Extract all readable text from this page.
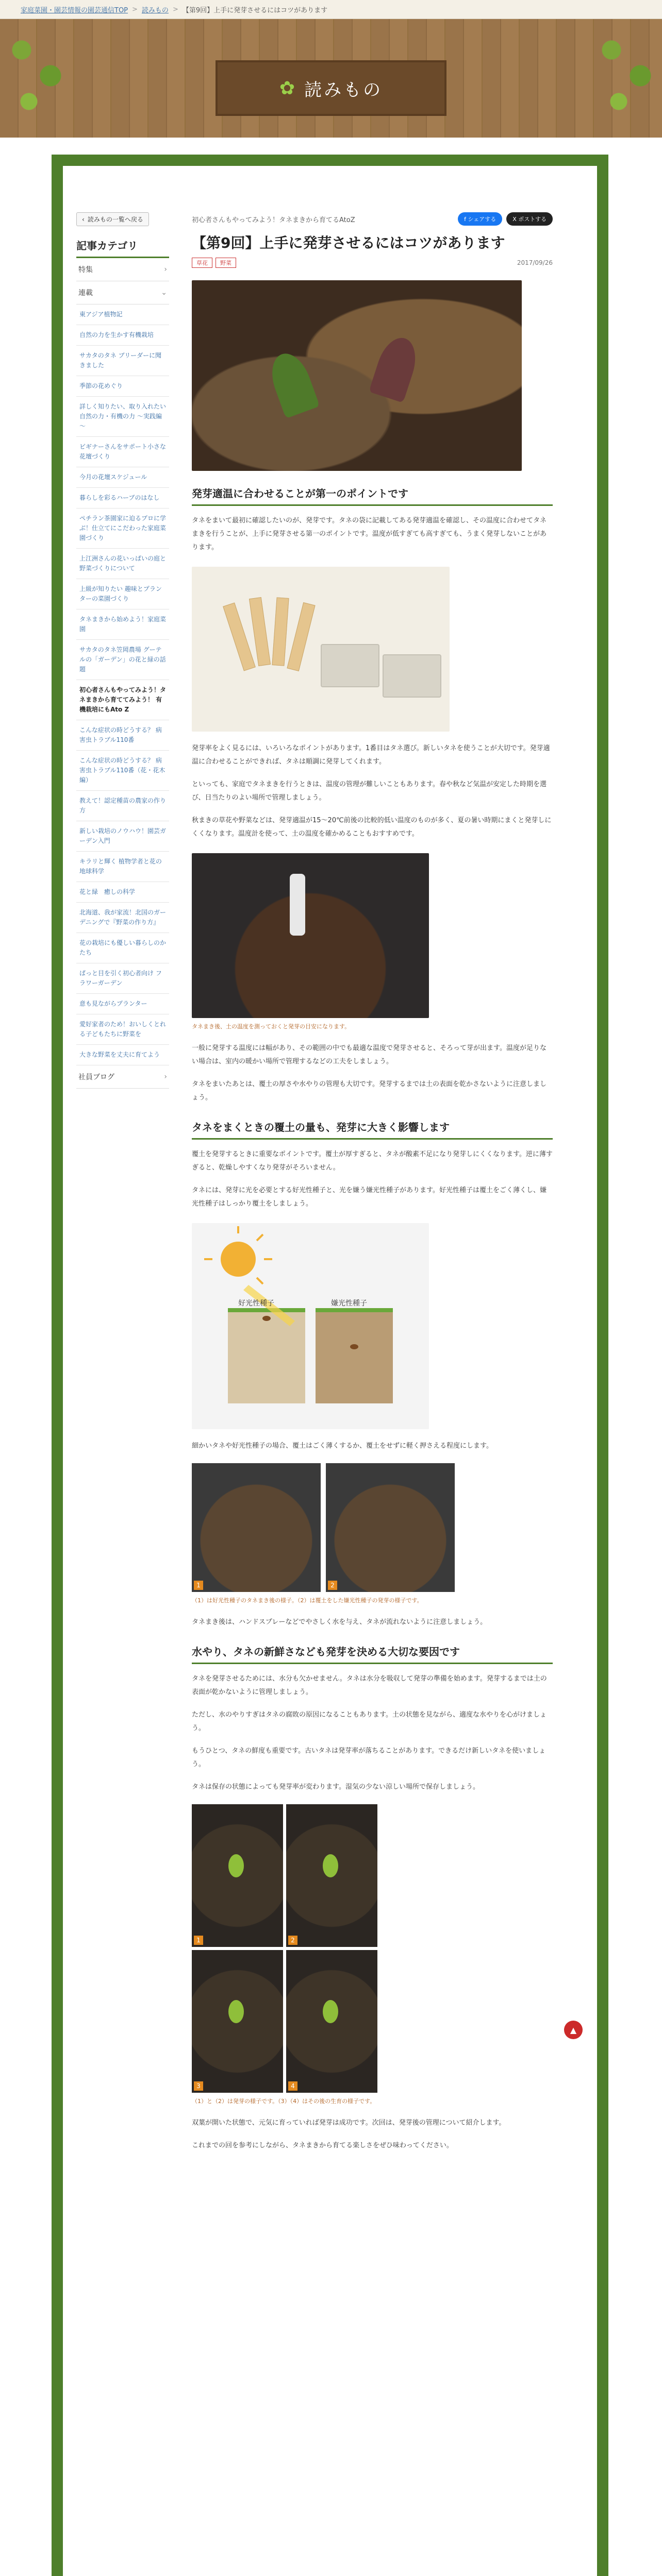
家庭菜園・園芸情報の園芸通信TOP > 読みもの > 【第9回】上手に発芽させるにはコツがあります
✿ 読みもの
‹ 読みもの一覧へ戻る
記事カテゴリ
特集	›
連載	⌄
東アジア植物記
自然の力を生かす有機栽培
サカタのタネ ブリーダーに聞きました
季節の花めぐり
詳しく知りたい、取り入れたい　自然の力・有機の力 ～実践編～
ビギナーさんをサポート小さな花壇づくり
今月の花壇スケジュール
暮らしを彩るハーブのはなし
ペチラン茶園家に迫るプロに学ぶ！仕立てにこだわった家庭菜園づくり
上江洲さんの花いっぱいの庭と野菜づくりについて
上級が知りたい 趣味とプランターの菜園づくり
タネまきから始めよう！家庭菜園
サカタのタネ笠岡農場 グーテルの「ガーデン」の花と緑の話題
初心者さんもやってみよう！タネまきから育ててみよう！ 有機栽培にもAto Z
こんな症状の時どうする？ 病害虫トラブル110番
こんな症状の時どうする？ 病害虫トラブル110番（花・花木編）
教えて！認定種苗の農家の作り方
新しい栽培のノウハウ！園芸ガーデン入門
キラリと輝く 植物学者と花の地球科学
花と緑　癒しの科学
北海道、我が家流！北国のガーデニングで『野菜の作り方』
花の栽培にも優しい暮らしのかたち
ぱっと目を引く初心者向け フラワーガーデン
意も見ながらプランター
愛好家者のため！おいしくとれる子どもたちに野菜を
大きな野菜を丈夫に育てよう
社員ブログ	›
初心者さんもやってみよう！タネまきから育てるAtoZ	f シェアする	X ポストする
【第9回】上手に発芽させるにはコツがあります
草花	野菜	2017/09/26
発芽適温に合わせることが第一のポイントです

タネをまいて最初に確認したいのが、発芽です。タネの袋に記載してある発芽適温を確認し、その温度に合わせてタネまきを行うことが、上手に発芽させる第一のポイントです。温度が低すぎても高すぎても、うまく発芽しないことがあります。

発芽率をよく見るには、いろいろなポイントがあります。1番目はタネ選び。新しいタネを使うことが大切です。発芽適温に合わせることができれば、タネは順調に発芽してくれます。

といっても、家庭でタネまきを行うときは、温度の管理が難しいこともあります。春や秋など気温が安定した時期を選び、日当たりのよい場所で管理しましょう。

秋まきの草花や野菜などは、発芽適温が15～20℃前後の比較的低い温度のものが多く、夏の暑い時期にまくと発芽しにくくなります。温度計を使って、土の温度を確かめることもおすすめです。

タネまき後、土の温度を測っておくと発芽の目安になります。

一般に発芽する温度には幅があり、その範囲の中でも最適な温度で発芽させると、そろって芽が出ます。温度が足りない場合は、室内の暖かい場所で管理するなどの工夫をしましょう。

タネをまいたあとは、覆土の厚さや水やりの管理も大切です。発芽するまでは土の表面を乾かさないように注意しましょう。

タネをまくときの覆土の量も、発芽に大きく影響します

覆土を発芽するときに重要なポイントです。覆土が厚すぎると、タネが酸素不足になり発芽しにくくなります。逆に薄すぎると、乾燥しやすくなり発芽がそろいません。

タネには、発芽に光を必要とする好光性種子と、光を嫌う嫌光性種子があります。好光性種子は覆土をごく薄くし、嫌光性種子はしっかり覆土をしましょう。

好光性種子	嫌光性種子

細かいタネや好光性種子の場合、覆土はごく薄くするか、覆土をせずに軽く押さえる程度にします。

1	2
（1）は好光性種子のタネまき後の様子。（2）は覆土をした嫌光性種子の発芽の様子です。

タネまき後は、ハンドスプレーなどでやさしく水を与え、タネが流れないように注意しましょう。

水やり、タネの新鮮さなども発芽を決める大切な要因です

タネを発芽させるためには、水分も欠かせません。タネは水分を吸収して発芽の準備を始めます。発芽するまでは土の表面が乾かないように管理しましょう。

ただし、水のやりすぎはタネの腐敗の原因になることもあります。土の状態を見ながら、適度な水やりを心がけましょう。

もうひとつ、タネの鮮度も重要です。古いタネは発芽率が落ちることがあります。できるだけ新しいタネを使いましょう。

タネは保存の状態によっても発芽率が変わります。湿気の少ない涼しい場所で保存しましょう。

1	2
3	4
（1）と（2）は発芽の様子です。（3）（4）はその後の生育の様子です。

双葉が開いた状態で、元気に育っていれば発芽は成功です。次回は、発芽後の管理について紹介します。

これまでの回を参考にしながら、タネまきから育てる楽しさをぜひ味わってください。

▲
